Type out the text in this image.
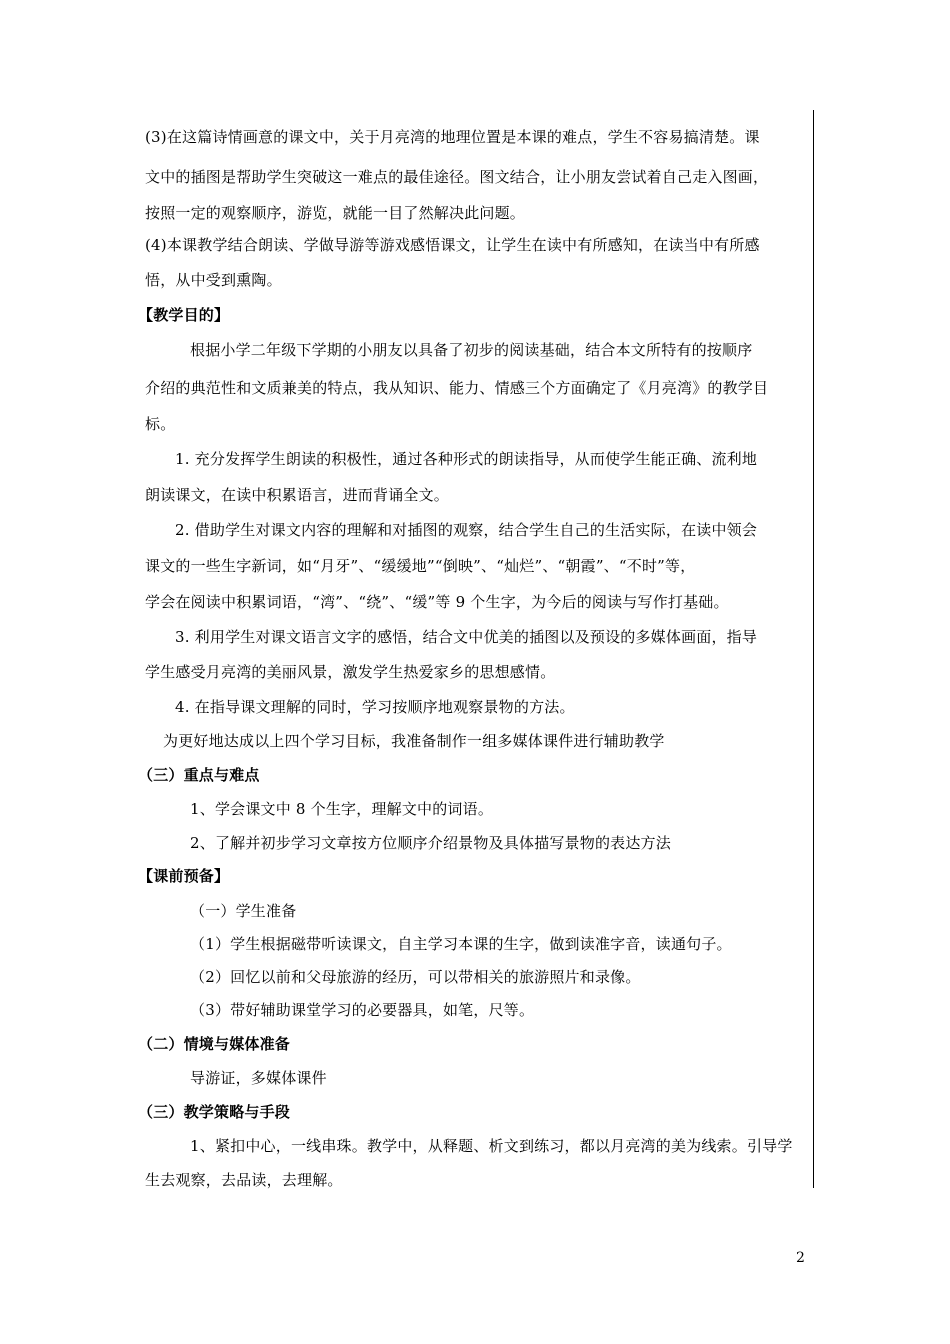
(3)在这篇诗情画意的课文中，关于月亮湾的地理位置是本课的难点，学生不容易搞清楚。课
文中的插图是帮助学生突破这一难点的最佳途径。图文结合，让小朋友尝试着自己走入图画，
按照一定的观察顺序，游览，就能一目了然解决此问题。
(4)本课教学结合朗读、学做导游等游戏感悟课文，让学生在读中有所感知，在读当中有所感
悟，从中受到熏陶。
【教学目的】
根据小学二年级下学期的小朋友以具备了初步的阅读基础，结合本文所特有的按顺序
介绍的典范性和文质兼美的特点，我从知识、能力、情感三个方面确定了《月亮湾》的教学目
标。
1. 充分发挥学生朗读的积极性，通过各种形式的朗读指导，从而使学生能正确、流利地
朗读课文，在读中积累语言，进而背诵全文。
2. 借助学生对课文内容的理解和对插图的观察，结合学生自己的生活实际，在读中领会
课文的一些生字新词，如“月牙”、“缓缓地”“倒映”、“灿烂”、“朝霞”、“不时”等，
学会在阅读中积累词语，“湾”、“绕”、“缓”等 9 个生字，为今后的阅读与写作打基础。
3. 利用学生对课文语言文字的感悟，结合文中优美的插图以及预设的多媒体画面，指导
学生感受月亮湾的美丽风景，激发学生热爱家乡的思想感情。
4. 在指导课文理解的同时，学习按顺序地观察景物的方法。
为更好地达成以上四个学习目标，我准备制作一组多媒体课件进行辅助教学
（三）重点与难点
1、学会课文中 8 个生字，理解文中的词语。
2、了解并初步学习文章按方位顺序介绍景物及具体描写景物的表达方法
【课前预备】
（一）学生准备
（1）学生根据磁带听读课文，自主学习本课的生字，做到读准字音，读通句子。
（2）回忆以前和父母旅游的经历，可以带相关的旅游照片和录像。
（3）带好辅助课堂学习的必要器具，如笔，尺等。
（二）情境与媒体准备
导游证，多媒体课件
（三）教学策略与手段
1、紧扣中心，一线串珠。教学中，从释题、析文到练习，都以月亮湾的美为线索。引导学
生去观察，去品读，去理解。
2
